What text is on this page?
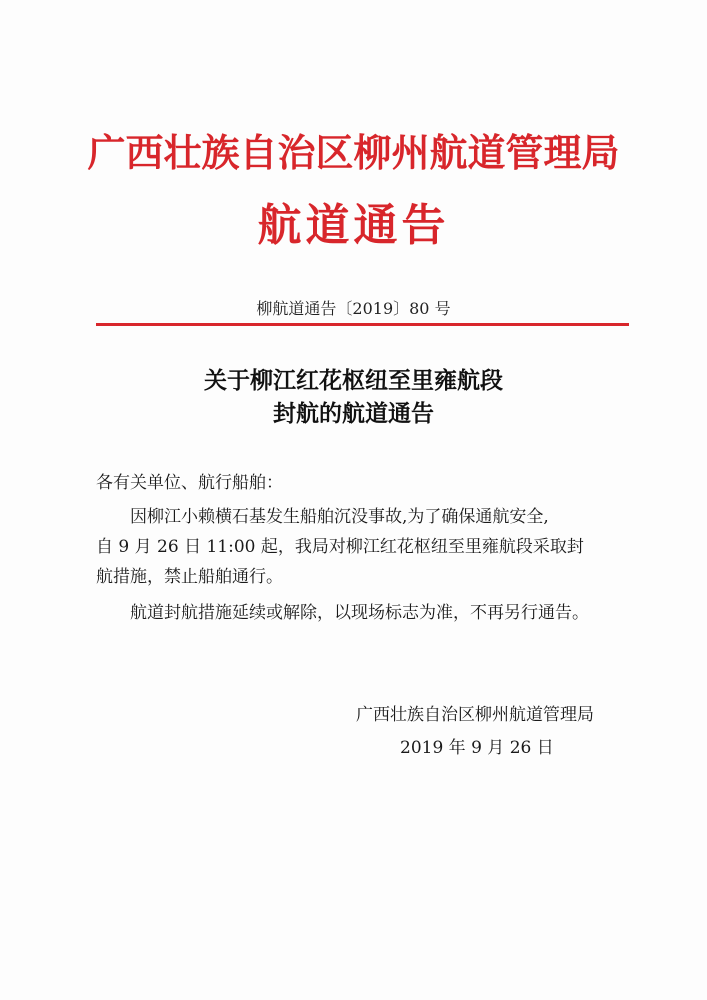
广西壮族自治区柳州航道管理局
航道通告
柳航道通告〔2019〕80 号
关于柳江红花枢纽至里雍航段
封航的航道通告
各有关单位、航行船舶：
因柳江小赖横石基发生船舶沉没事故,为了确保通航安全,
自 9 月 26 日 11:00 起，我局对柳江红花枢纽至里雍航段采取封
航措施，禁止船舶通行。
航道封航措施延续或解除，以现场标志为准，不再另行通告。
广西壮族自治区柳州航道管理局
2019 年 9 月 26 日
